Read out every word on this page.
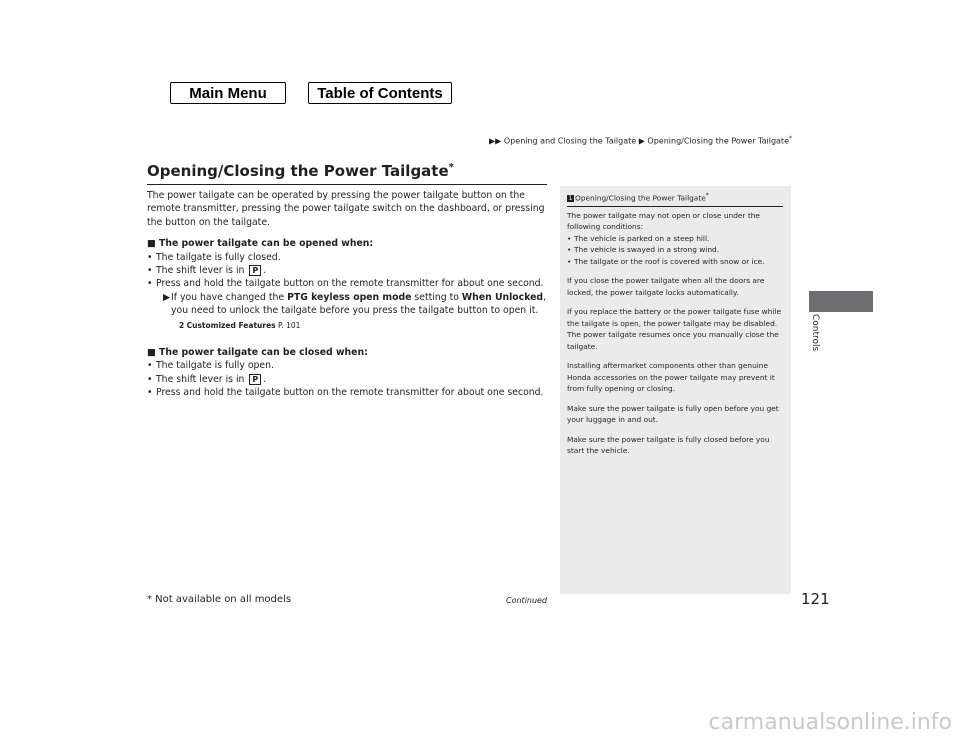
Main Menu	Table of Contents
▶▶ Opening and Closing the Tailgate ▶ Opening/Closing the Power Tailgate*
Opening/Closing the Power Tailgate*

The power tailgate can be operated by pressing the power tailgate button on the remote transmitter, pressing the power tailgate switch on the dashboard, or pressing the button on the tailgate.

■ The power tailgate can be opened when:

• The tailgate is fully closed.

• The shift lever is in P .

• Press and hold the tailgate button on the remote transmitter for about one second.

▶ If you have changed the PTG keyless open mode setting to When Unlocked, you need to unlock the tailgate before you press the tailgate button to open it.

2 Customized Features P. 101

■ The power tailgate can be closed when:

• The tailgate is fully open.

• The shift lever is in P .

• Press and hold the tailgate button on the remote transmitter for about one second.

1 Opening/Closing the Power Tailgate*

The power tailgate may not open or close under the following conditions:

• The vehicle is parked on a steep hill.

• The vehicle is swayed in a strong wind.

• The tailgate or the roof is covered with snow or ice.

If you close the power tailgate when all the doors are locked, the power tailgate locks automatically.

If you replace the battery or the power tailgate fuse while the tailgate is open, the power tailgate may be disabled. The power tailgate resumes once you manually close the tailgate.

Installing aftermarket components other than genuine Honda accessories on the power tailgate may prevent it from fully opening or closing.

Make sure the power tailgate is fully open before you get your luggage in and out.

Make sure the power tailgate is fully closed before you start the vehicle.

Controls
* Not available on all models	Continued	121
carmanualsonline.info
